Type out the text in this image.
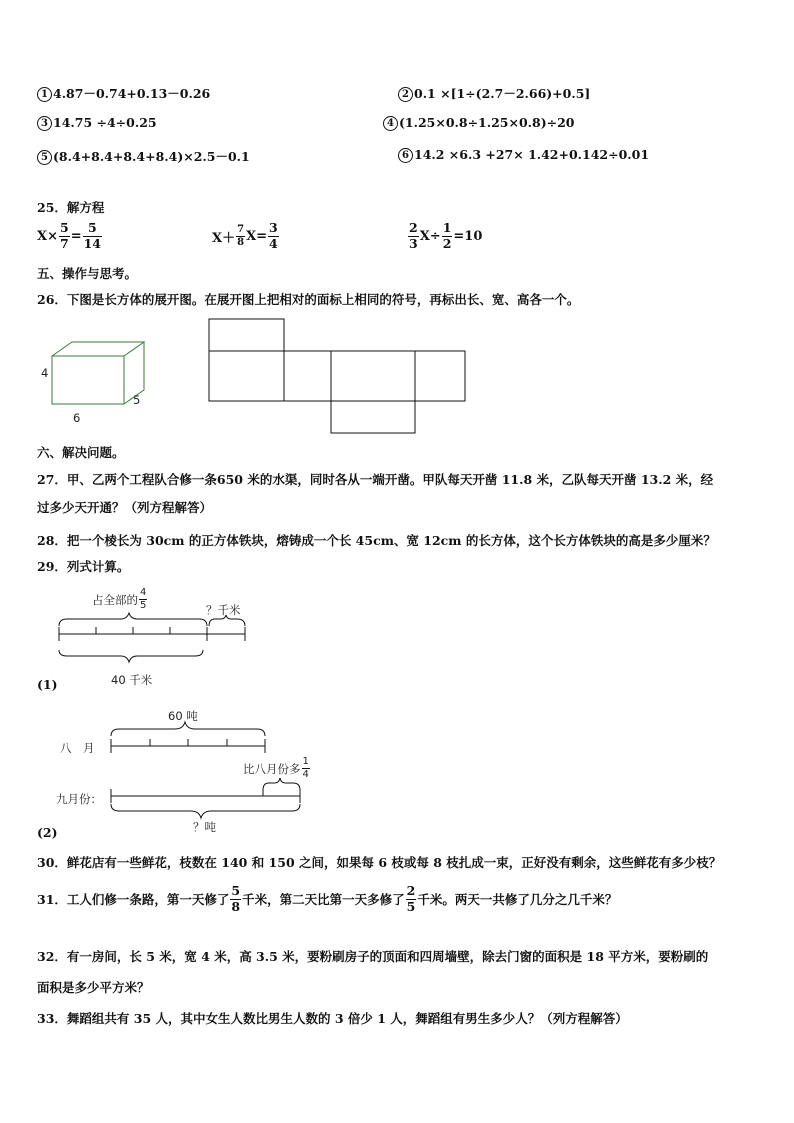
1 4.87－0.74+0.13－0.26	2 0.1 ×[1÷(2.7－2.66)+0.5]
3 14.75 ÷4÷0.25	4 (1.25×0.8÷1.25×0.8)÷20
5 (8.4+8.4+8.4+8.4)×2.5－0.1	6 14.2 ×6.3 +27× 1.42+0.142÷0.01
25．解方程
$X\times \frac{5}{7} = \frac{5}{14}$	$X+ \frac{7}{8} X= \frac{3}{4}$	$\frac{2}{3} X\div \frac{1}{2} =10$
五、操作与思考。
26．下图是长方体的展开图。在展开图上把相对的面标上相同的符号，再标出长、宽、高各一个。
4
6
5
六、解决问题。
27．甲、乙两个工程队合修一条650 米的水渠，同时各从一端开凿。甲队每天开凿 11.8 米，乙队每天开凿 13.2 米，经
过多少天开通？（列方程解答）
28．把一个棱长为 30cm 的正方体铁块，熔铸成一个长 45cm、宽 12cm 的长方体，这个长方体铁块的高是多少厘米？
29．列式计算。
占全部的 $\frac{4}{5}$	？千米
40 千米
(1)
60 吨
八　月
比八月份多 $\frac{1}{4}$
九月份：
？吨
(2)
30．鲜花店有一些鲜花，枝数在 140 和 150 之间，如果每 6 枝或每 8 枝扎成一束，正好没有剩余，这些鲜花有多少枝？
31．工人们修一条路，第一天修了 $\frac{5}{8}$ 千米，第二天比第一天多修了 $\frac{2}{5}$ 千米。两天一共修了几分之几千米？
32．有一房间，长 5 米，宽 4 米，高 3.5 米，要粉刷房子的顶面和四周墙壁，除去门窗的面积是 18 平方米，要粉刷的
面积是多少平方米？
33．舞蹈组共有 35 人，其中女生人数比男生人数的 3 倍少 1 人，舞蹈组有男生多少人？（列方程解答）
